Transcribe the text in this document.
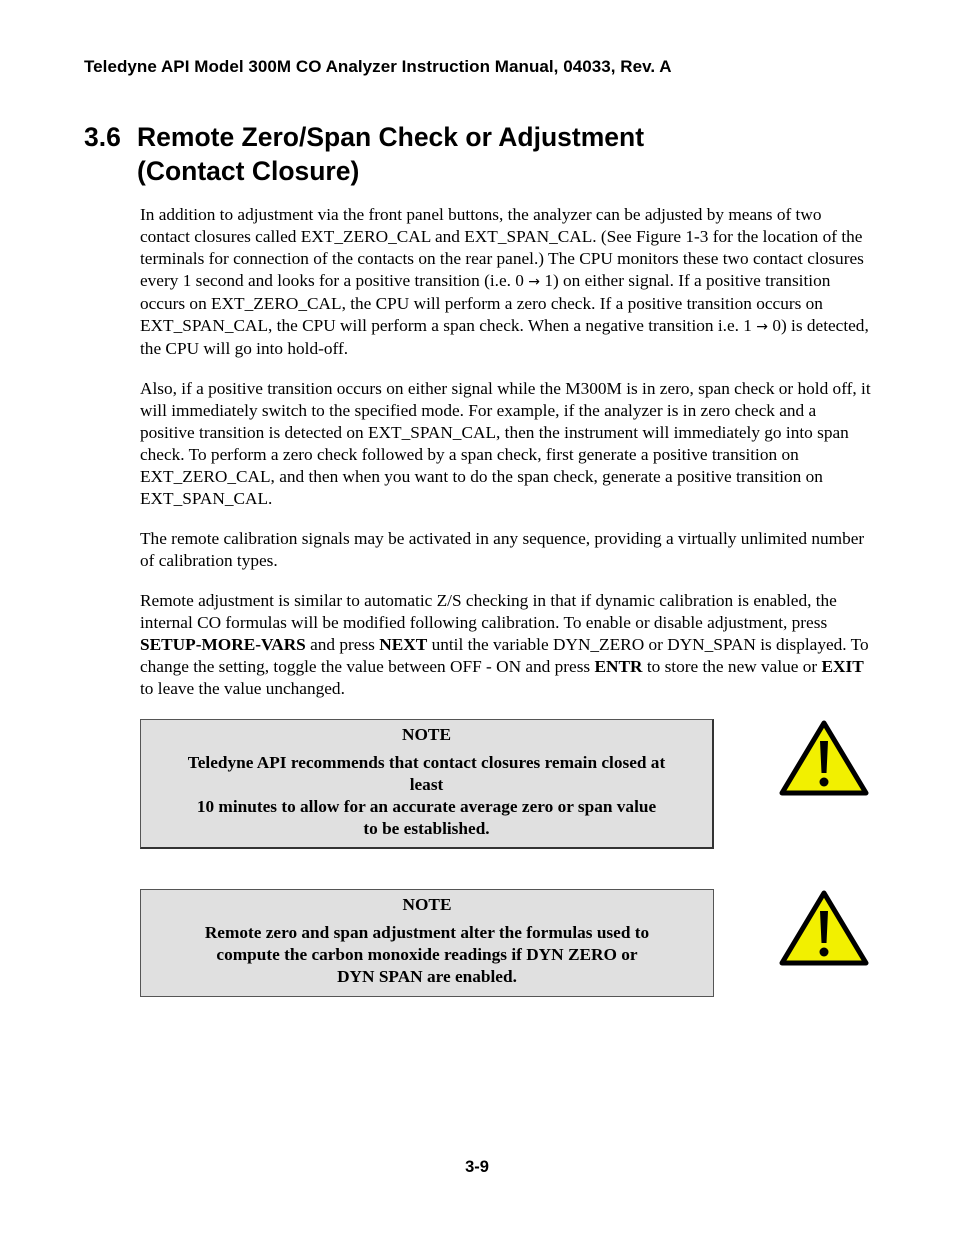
Teledyne API Model 300M CO Analyzer Instruction Manual, 04033, Rev. A
3.6 Remote Zero/Span Check or Adjustment
(Contact Closure)

In addition to adjustment via the front panel buttons, the analyzer can be adjusted by means of two contact closures called EXT_ZERO_CAL and EXT_SPAN_CAL. (See Figure 1-3 for the location of the terminals for connection of the contacts on the rear panel.) The CPU monitors these two contact closures every 1 second and looks for a positive transition (i.e. 0 → 1) on either signal. If a positive transition occurs on EXT_ZERO_CAL, the CPU will perform a zero check. If a positive transition occurs on EXT_SPAN_CAL, the CPU will perform a span check. When a negative transition i.e. 1 → 0) is detected, the CPU will go into hold-off.

Also, if a positive transition occurs on either signal while the M300M is in zero, span check or hold off, it will immediately switch to the specified mode. For example, if the analyzer is in zero check and a positive transition is detected on EXT_SPAN_CAL, then the instrument will immediately go into span check. To perform a zero check followed by a span check, first generate a positive transition on EXT_ZERO_CAL, and then when you want to do the span check, generate a positive transition on EXT_SPAN_CAL.

The remote calibration signals may be activated in any sequence, providing a virtually unlimited number of calibration types.

Remote adjustment is similar to automatic Z/S checking in that if dynamic calibration is enabled, the internal CO formulas will be modified following calibration. To enable or disable adjustment, press SETUP-MORE-VARS and press NEXT until the variable DYN_ZERO or DYN_SPAN is displayed. To change the setting, toggle the value between OFF - ON and press ENTR to store the new value or EXIT to leave the value unchanged.

NOTE
Teledyne API recommends that contact closures remain closed at
least
10 minutes to allow for an accurate average zero or span value
to be established.
NOTE
Remote zero and span adjustment alter the formulas used to
compute the carbon monoxide readings if DYN ZERO or
DYN SPAN are enabled.
3-9
